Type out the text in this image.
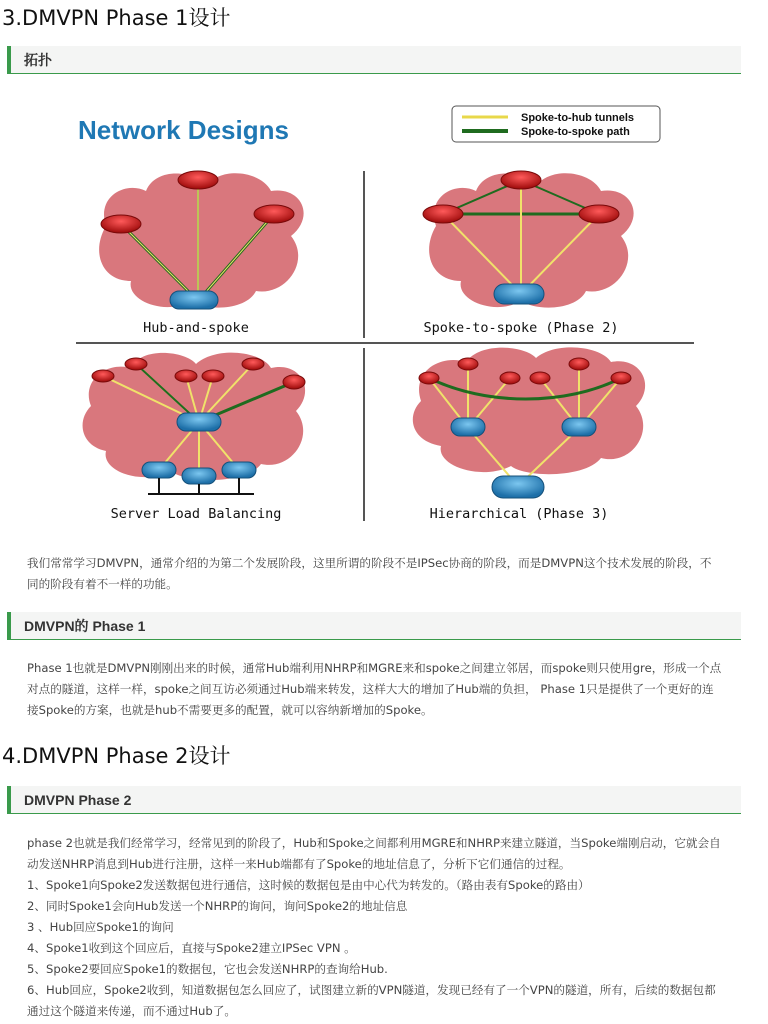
3.DMVPN Phase 1设计
拓扑
Network Designs	Spoke-to-hub tunnels
Spoke-to-spoke path
Hub-and-spoke	Spoke-to-spoke (Phase 2)
Server Load Balancing	Hierarchical (Phase 3)

我们常常学习DMVPN，通常介绍的为第二个发展阶段，这里所谓的阶段不是IPSec协商的阶段，而是DMVPN这个技术发展的阶段，不同的阶段有着不一样的功能。

DMVPN的 Phase 1

Phase 1也就是DMVPN刚刚出来的时候，通常Hub端利用NHRP和MGRE来和spoke之间建立邻居，而spoke则只使用gre，形成一个点对点的隧道，这样一样，spoke之间互访必须通过Hub端来转发，这样大大的增加了Hub端的负担， Phase 1只是提供了一个更好的连接Spoke的方案，也就是hub不需要更多的配置，就可以容纳新增加的Spoke。

4.DMVPN Phase 2设计
DMVPN Phase 2

phase 2也就是我们经常学习，经常见到的阶段了，Hub和Spoke之间都利用MGRE和NHRP来建立隧道，当Spoke端刚启动，它就会自动发送NHRP消息到Hub进行注册，这样一来Hub端都有了Spoke的地址信息了，分析下它们通信的过程。

1、Spoke1向Spoke2发送数据包进行通信，这时候的数据包是由中心代为转发的。（路由表有Spoke的路由）

2、同时Spoke1会向Hub发送一个NHRP的询问，询问Spoke2的地址信息

3 、Hub回应Spoke1的询问

4、Spoke1收到这个回应后，直接与Spoke2建立IPSec VPN 。

5、Spoke2要回应Spoke1的数据包，它也会发送NHRP的查询给Hub.

6、Hub回应，Spoke2收到，知道数据包怎么回应了，试图建立新的VPN隧道，发现已经有了一个VPN的隧道，所有，后续的数据包都通过这个隧道来传递，而不通过Hub了。
